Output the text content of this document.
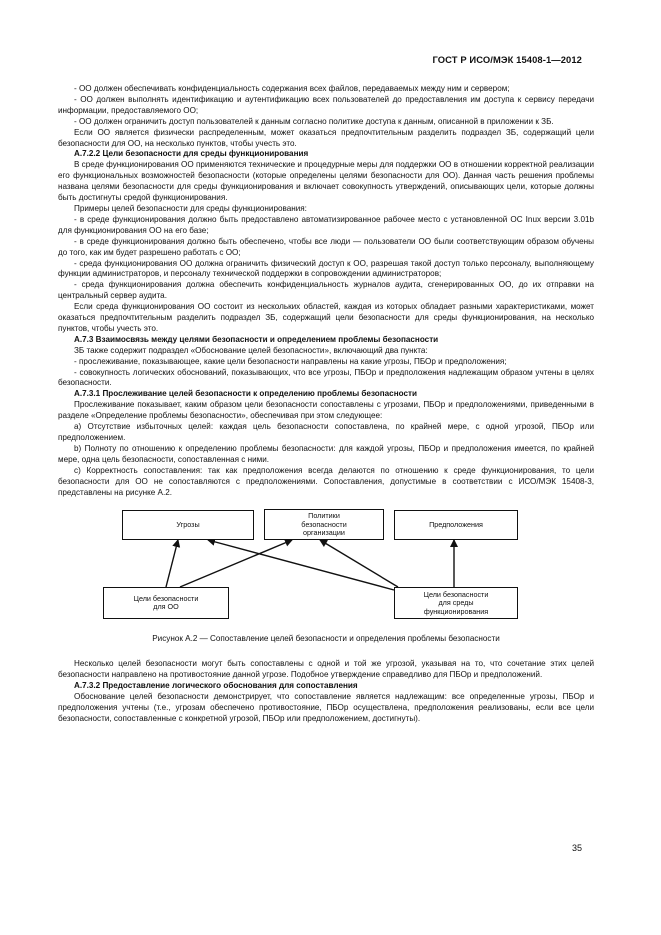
ГОСТ Р ИСО/МЭК 15408-1—2012

- ОО должен обеспечивать конфиденциальность содержания всех файлов, передаваемых между ним и сервером;

- ОО должен выполнять идентификацию и аутентификацию всех пользователей до предоставления им доступа к сервису передачи информации, предоставляемого ОО;

- ОО должен ограничить доступ пользователей к данным согласно политике доступа к данным, описанной в приложении к ЗБ.

Если ОО является физически распределенным, может оказаться предпочтительным разделить подраздел ЗБ, содержащий цели безопасности для ОО, на несколько пунктов, чтобы учесть это.

А.7.2.2 Цели безопасности для среды функционирования

В среде функционирования ОО применяются технические и процедурные меры для поддержки ОО в отношении корректной реализации его функциональных возможностей безопасности (которые определены целями безопасности для ОО). Данная часть решения проблемы названа целями безопасности для среды функционирования и включает совокупность утверждений, описывающих цели, которые должны быть достигнуты средой функционирования.

Примеры целей безопасности для среды функционирования:

- в среде функционирования должно быть предоставлено автоматизированное рабочее место с установленной ОС Inux версии 3.01b для функционирования ОО на его базе;

- в среде функционирования должно быть обеспечено, чтобы все люди — пользователи ОО были соответствующим образом обучены до того, как им будет разрешено работать с ОО;

- среда функционирования ОО должна ограничить физический доступ к ОО, разрешая такой доступ только персоналу, выполняющему функции администраторов, и персоналу технической поддержки в сопровождении администраторов;

- среда функционирования должна обеспечить конфиденциальность журналов аудита, сгенерированных ОО, до их отправки на центральный сервер аудита.

Если среда функционирования ОО состоит из нескольких областей, каждая из которых обладает разными характеристиками, может оказаться предпочтительным разделить подраздел ЗБ, содержащий цели безопасности для среды функционирования, на несколько пунктов, чтобы учесть это.

А.7.3 Взаимосвязь между целями безопасности и определением проблемы безопасности

ЗБ также содержит подраздел «Обоснование целей безопасности», включающий два пункта:

- прослеживание, показывающее, какие цели безопасности направлены на какие угрозы, ПБОр и предположения;

- совокупность логических обоснований, показывающих, что все угрозы, ПБОр и предположения надлежащим образом учтены в целях безопасности.

А.7.3.1 Прослеживание целей безопасности к определению проблемы безопасности

Прослеживание показывает, каким образом цели безопасности сопоставлены с угрозами, ПБОр и предположениями, приведенными в разделе «Определение проблемы безопасности», обеспечивая при этом следующее:

a) Отсутствие избыточных целей: каждая цель безопасности сопоставлена, по крайней мере, с одной угрозой, ПБОр или предположением.

b) Полноту по отношению к определению проблемы безопасности: для каждой угрозы, ПБОр и предположения имеется, по крайней мере, одна цель безопасности, сопоставленная с ними.

c) Корректность сопоставления: так как предположения всегда делаются по отношению к среде функционирования, то цели безопасности для ОО не сопоставляются с предположениями. Сопоставления, допустимые в соответствии с ИСО/МЭК 15408-3, представлены на рисунке А.2.

Угрозы
Политики
безопасности
организации
Предположения
Цели безопасности
для ОО
Цели безопасности
для среды
функционирования
Рисунок А.2 — Сопоставление целей безопасности и определения проблемы безопасности

Несколько целей безопасности могут быть сопоставлены с одной и той же угрозой, указывая на то, что сочетание этих целей безопасности направлено на противостояние данной угрозе. Подобное утверждение справедливо для ПБОр и предположений.

А.7.3.2 Предоставление логического обоснования для сопоставления

Обоснование целей безопасности демонстрирует, что сопоставление является надлежащим: все определенные угрозы, ПБОр и предположения учтены (т.е., угрозам обеспечено противостояние, ПБОр осуществлена, предположения реализованы, если все цели безопасности, сопоставленные с конкретной угрозой, ПБОр или предположением, достигнуты).

35
